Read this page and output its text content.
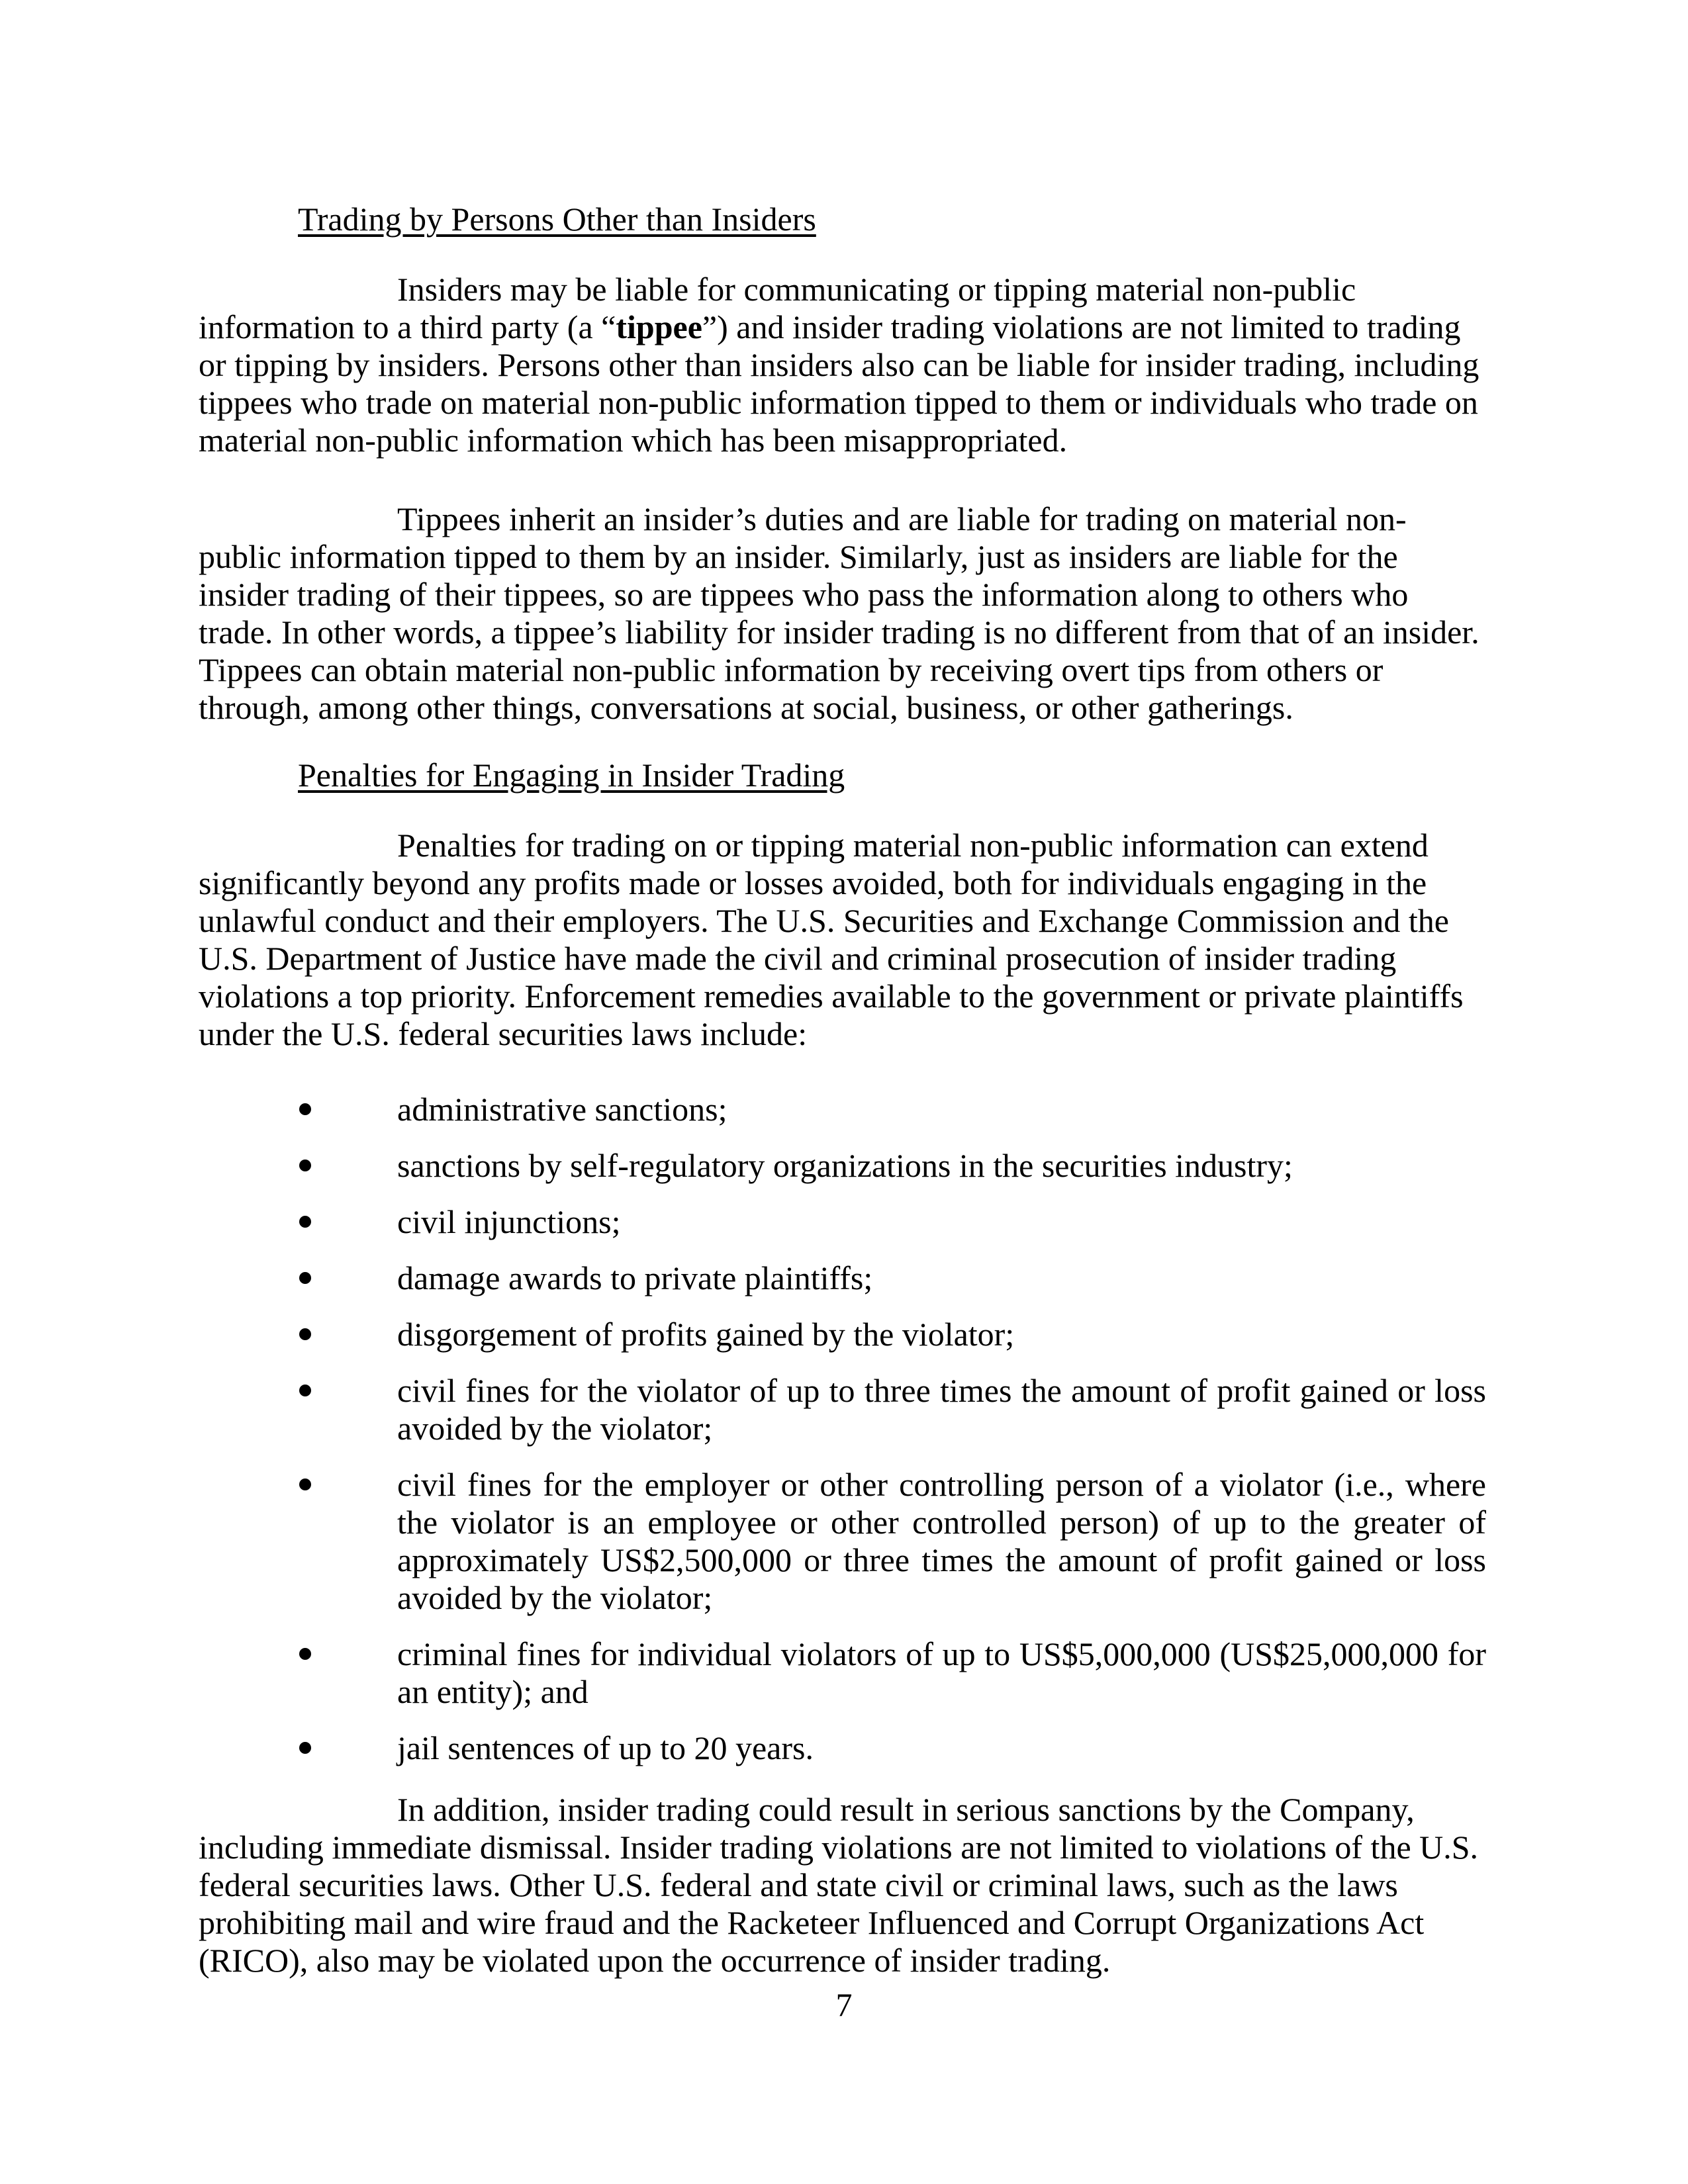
Trading by Persons Other than Insiders

Insiders may be liable for communicating or tipping material non-public information to a third party (a “tippee”) and insider trading violations are not limited to trading or tipping by insiders. Persons other than insiders also can be liable for insider trading, including tippees who trade on material non-public information tipped to them or individuals who trade on material non-public information which has been misappropriated.

Tippees inherit an insider’s duties and are liable for trading on material non-public information tipped to them by an insider. Similarly, just as insiders are liable for the insider trading of their tippees, so are tippees who pass the information along to others who trade. In other words, a tippee’s liability for insider trading is no different from that of an insider. Tippees can obtain material non-public information by receiving overt tips from others or through, among other things, conversations at social, business, or other gatherings.

Penalties for Engaging in Insider Trading

Penalties for trading on or tipping material non-public information can extend significantly beyond any profits made or losses avoided, both for individuals engaging in the unlawful conduct and their employers. The U.S. Securities and Exchange Commission and the U.S. Department of Justice have made the civil and criminal prosecution of insider trading violations a top priority. Enforcement remedies available to the government or private plaintiffs under the U.S. federal securities laws include:

administrative sanctions;
sanctions by self-regulatory organizations in the securities industry;
civil injunctions;
damage awards to private plaintiffs;
disgorgement of profits gained by the violator;
civil fines for the violator of up to three times the amount of profit gained or loss avoided by the violator;
civil fines for the employer or other controlling person of a violator (i.e., where the violator is an employee or other controlled person) of up to the greater of approximately US$2,500,000 or three times the amount of profit gained or loss avoided by the violator;
criminal fines for individual violators of up to US$5,000,000 (US$25,000,000 for an entity); and
jail sentences of up to 20 years.

In addition, insider trading could result in serious sanctions by the Company, including immediate dismissal. Insider trading violations are not limited to violations of the U.S. federal securities laws. Other U.S. federal and state civil or criminal laws, such as the laws prohibiting mail and wire fraud and the Racketeer Influenced and Corrupt Organizations Act (RICO), also may be violated upon the occurrence of insider trading.

7
